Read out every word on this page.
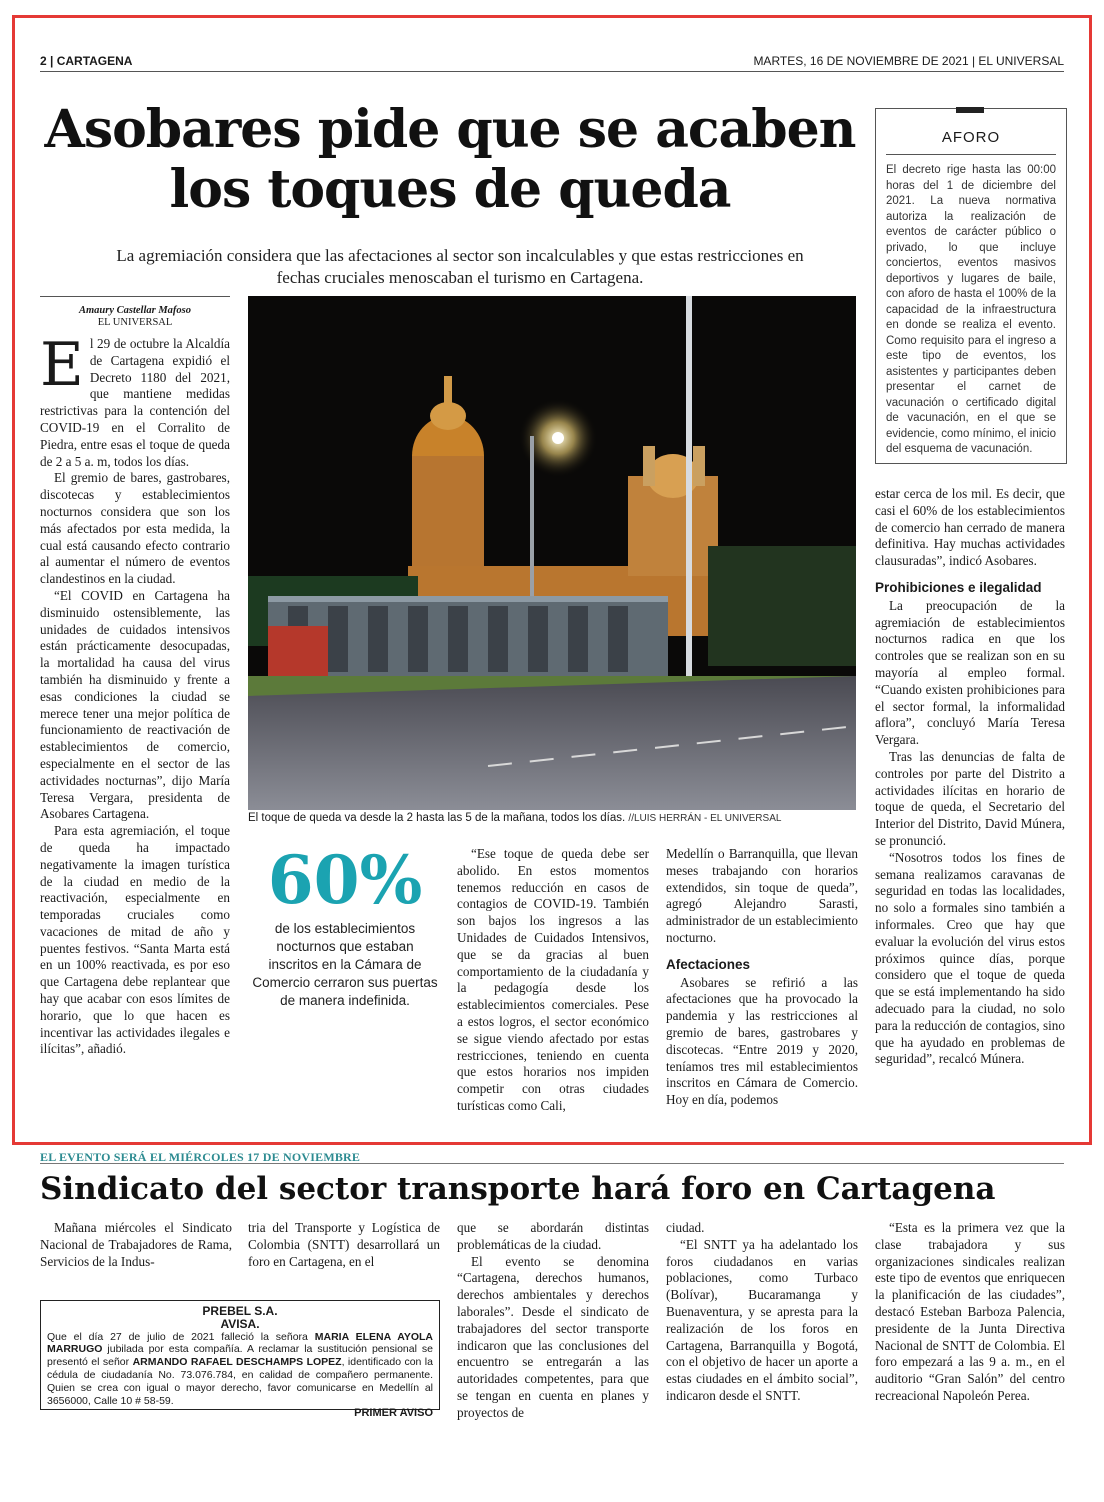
2 | CARTAGENA	MARTES, 16 DE NOVIEMBRE DE 2021 | EL UNIVERSAL
Asobares pide que se acaben los toques de queda

La agremiación considera que las afectaciones al sector son incalculables y que estas restricciones en fechas cruciales menoscaban el turismo en Cartagena.

AFORO

El decreto rige hasta las 00:00 horas del 1 de diciembre del 2021. La nueva normativa autoriza la realización de eventos de carácter público o privado, lo que incluye conciertos, eventos masivos deportivos y lugares de baile, con aforo de hasta el 100% de la capacidad de la infraestructura en donde se realiza el evento. Como requisito para el ingreso a este tipo de eventos, los asistentes y participantes deben presentar el carnet de vacunación o certificado digital de vacunación, en el que se evidencie, como mínimo, el inicio del esquema de vacunación.

Amaury Castellar Mafoso
EL UNIVERSAL

El 29 de octubre la Alcaldía de Cartagena expidió el Decreto 1180 del 2021, que mantiene medidas restrictivas para la contención del COVID-19 en el Corralito de Piedra, entre esas el toque de queda de 2 a 5 a. m, todos los días.

El gremio de bares, gastrobares, discotecas y establecimientos nocturnos considera que son los más afectados por esta medida, la cual está causando efecto contrario al aumentar el número de eventos clandestinos en la ciudad.

“El COVID en Cartagena ha disminuido ostensiblemente, las unidades de cuidados intensivos están prácticamente desocupadas, la mortalidad ha causa del virus también ha disminuido y frente a esas condiciones la ciudad se merece tener una mejor política de funcionamiento de reactivación de establecimientos de comercio, especialmente en el sector de las actividades nocturnas”, dijo María Teresa Vergara, presidenta de Asobares Cartagena.

Para esta agremiación, el toque de queda ha impactado negativamente la imagen turística de la ciudad en medio de la reactivación, especialmente en temporadas cruciales como vacaciones de mitad de año y puentes festivos. “Santa Marta está en un 100% reactivada, es por eso que Cartagena debe replantear que hay que acabar con esos límites de horario, que lo que hacen es incentivar las actividades ilegales e ilícitas”, añadió.

El toque de queda va desde la 2 hasta las 5 de la mañana, todos los días. //LUIS HERRÁN - EL UNIVERSAL
60%
de los establecimientos nocturnos que estaban inscritos en la Cámara de Comercio cerraron sus puertas de manera indefinida.

“Ese toque de queda debe ser abolido. En estos momentos tenemos reducción en casos de contagios de COVID-19. También son bajos los ingresos a las Unidades de Cuidados Intensivos, que se da gracias al buen comportamiento de la ciudadanía y la pedagogía desde los establecimientos comerciales. Pese a estos logros, el sector económico se sigue viendo afectado por estas restricciones, teniendo en cuenta que estos horarios nos impiden competir con otras ciudades turísticas como Cali,

Medellín o Barranquilla, que llevan meses trabajando con horarios extendidos, sin toque de queda”, agregó Alejandro Sarasti, administrador de un establecimiento nocturno.

Afectaciones

Asobares se refirió a las afectaciones que ha provocado la pandemia y las restricciones al gremio de bares, gastrobares y discotecas. “Entre 2019 y 2020, teníamos tres mil establecimientos inscritos en Cámara de Comercio. Hoy en día, podemos

estar cerca de los mil. Es decir, que casi el 60% de los establecimientos de comercio han cerrado de manera definitiva. Hay muchas actividades clausuradas”, indicó Asobares.

Prohibiciones e ilegalidad

La preocupación de la agremiación de establecimientos nocturnos radica en que los controles que se realizan son en su mayoría al empleo formal. “Cuando existen prohibiciones para el sector formal, la informalidad aflora”, concluyó María Teresa Vergara.

Tras las denuncias de falta de controles por parte del Distrito a actividades ilícitas en horario de toque de queda, el Secretario del Interior del Distrito, David Múnera, se pronunció.

“Nosotros todos los fines de semana realizamos caravanas de seguridad en todas las localidades, no solo a formales sino también a informales. Creo que hay que evaluar la evolución del virus estos próximos quince días, porque considero que el toque de queda que se está implementando ha sido adecuado para la ciudad, no solo para la reducción de contagios, sino que ha ayudado en problemas de seguridad”, recalcó Múnera.

EL EVENTO SERÁ EL MIÉRCOLES 17 DE NOVIEMBRE
Sindicato del sector transporte hará foro en Cartagena

Mañana miércoles el Sindicato Nacional de Trabajadores de Rama, Servicios de la Indus-

tria del Transporte y Logística de Colombia (SNTT) desarrollará un foro en Cartagena, en el

que se abordarán distintas problemáticas de la ciudad.

El evento se denomina “Cartagena, derechos humanos, derechos ambientales y derechos laborales”. Desde el sindicato de trabajadores del sector transporte indicaron que las conclusiones del encuentro se entregarán a las autoridades competentes, para que se tengan en cuenta en planes y proyectos de

ciudad.

“El SNTT ya ha adelantado los foros ciudadanos en varias poblaciones, como Turbaco (Bolívar), Bucaramanga y Buenaventura, y se apresta para la realización de los foros en Cartagena, Barranquilla y Bogotá, con el objetivo de hacer un aporte a estas ciudades en el ámbito social”, indicaron desde el SNTT.

“Esta es la primera vez que la clase trabajadora y sus organizaciones sindicales realizan este tipo de eventos que enriquecen la planificación de las ciudades”, destacó Esteban Barboza Palencia, presidente de la Junta Directiva Nacional de SNTT de Colombia. El foro empezará a las 9 a. m., en el auditorio “Gran Salón” del centro recreacional Napoleón Perea.

PREBEL S.A.
AVISA.
Que el día 27 de julio de 2021 falleció la señora MARIA ELENA AYOLA MARRUGO jubilada por esta compañía. A reclamar la sustitución pensional se presentó el señor ARMANDO RAFAEL DESCHAMPS LOPEZ, identificado con la cédula de ciudadanía No. 73.076.784, en calidad de compañero permanente. Quien se crea con igual o mayor derecho, favor comunicarse en Medellín al 3656000, Calle 10 # 58-59.
PRIMER AVISO
